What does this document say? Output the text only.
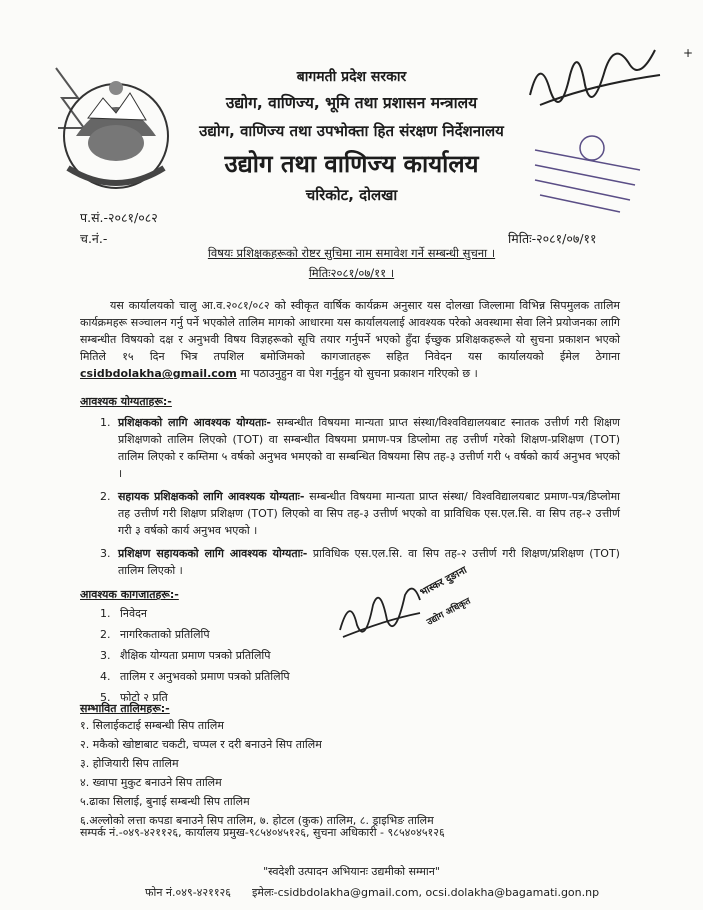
+
बागमती प्रदेश सरकार
उद्योग, वाणिज्य, भूमि तथा प्रशासन मन्त्रालय
उद्योग, वाणिज्य तथा उपभोक्ता हित संरक्षण निर्देशनालय
उद्योग तथा वाणिज्य कार्यालय
चरिकोट, दोलखा
प.सं.-२०८१/०८२
च.नं.-	मितिः-२०८१/०७/११
विषयः प्रशिक्षकहरूको रोष्टर सुचिमा नाम समावेश गर्ने सम्बन्धी सुचना ।
मितिः२०८१/०७/११ ।
यस कार्यालयको चालु आ.व.२०८१/०८२ को स्वीकृत वार्षिक कार्यक्रम अनुसार यस दोलखा जिल्लामा विभिन्न सिपमुलक तालिम कार्यक्रमहरू सञ्चालन गर्नु पर्ने भएकोले तालिम मागको आधारमा यस कार्यालयलाई आवश्यक परेको अवस्थामा सेवा लिने प्रयोजनका लागि सम्बन्धीत विषयको दक्ष र अनुभवी विषय विज्ञहरूको सूचि तयार गर्नुपर्ने भएको हुँदा ईच्छुक प्रशिक्षकहरूले यो सुचना प्रकाशन भएको मितिले १५ दिन भित्र तपशिल बमोजिमको कागजातहरू सहित निवेदन यस कार्यालयको ईमेल ठेगाना csidbdolakha@gmail.com मा पठाउनुहुन वा पेश गर्नुहुन यो सुचना प्रकाशन गरिएको छ ।
आवश्यक योग्यताहरू:-
1. प्रशिक्षकको लागि आवश्यक योग्यताः- सम्बन्धीत विषयमा मान्यता प्राप्त संस्था/विश्वविद्यालयबाट स्नातक उत्तीर्ण गरी शिक्षण प्रशिक्षणको तालिम लिएको (TOT) वा सम्बन्धीत विषयमा प्रमाण-पत्र डिप्लोमा तह उत्तीर्ण गरेको शिक्षण-प्रशिक्षण (TOT) तालिम लिएको र कम्तिमा ५ वर्षको अनुभव भमएको वा सम्बन्धित विषयमा सिप तह-३ उत्तीर्ण गरी ५ वर्षको कार्य अनुभव भएको ।
2. सहायक प्रशिक्षकको लागि आवश्यक योग्यताः- सम्बन्धीत विषयमा मान्यता प्राप्त संस्था/ विश्वविद्यालयबाट प्रमाण-पत्र/डिप्लोमा तह उत्तीर्ण गरी शिक्षण प्रशिक्षण (TOT) लिएको वा सिप तह-३ उत्तीर्ण भएको वा प्राविधिक एस.एल.सि. वा सिप तह-२ उत्तीर्ण गरी ३ वर्षको कार्य अनुभव भएको ।
3. प्रशिक्षण सहायकको लागि आवश्यक योग्यताः- प्राविधिक एस.एल.सि. वा सिप तह-२ उत्तीर्ण गरी शिक्षण/प्रशिक्षण (TOT) तालिम लिएको ।
आवश्यक कागजातहरू:-
1. निवेदन
2. नागरिकताको प्रतिलिपि
3. शैक्षिक योग्यता प्रमाण पत्रको प्रतिलिपि
4. तालिम र अनुभवको प्रमाण पत्रको प्रतिलिपि
5. फोटो २ प्रति
भास्कर दुङाना
उद्योग अधिकृत
सम्भावित तालिमहरू:-
१. सिलाईकटाई सम्बन्धी सिप तालिम
२. मकैको खोष्टाबाट चकटी, चप्पल र दरी बनाउने सिप तालिम
३. होजियारी सिप तालिम
४. ख्वापा मुकुट बनाउने सिप तालिम
५.ढाका सिलाई, बुनाई सम्बन्धी सिप तालिम
६.अल्लोको लत्ता कपडा बनाउने सिप तालिम, ७. होटल (कुक) तालिम, ८. ड्राइभिङ तालिम
सम्पर्क नं.-०४९-४२११२६, कार्यालय प्रमुख-९८५४०४५१२६, सुचना अधिकारी - ९८५४०४५१२६
"स्वदेशी उत्पादन अभियानः उद्यमीको सम्मान"
फोन नं.०४९-४२११२६ इमेलः-csidbdolakha@gmail.com, ocsi.dolakha@bagamati.gon.np
